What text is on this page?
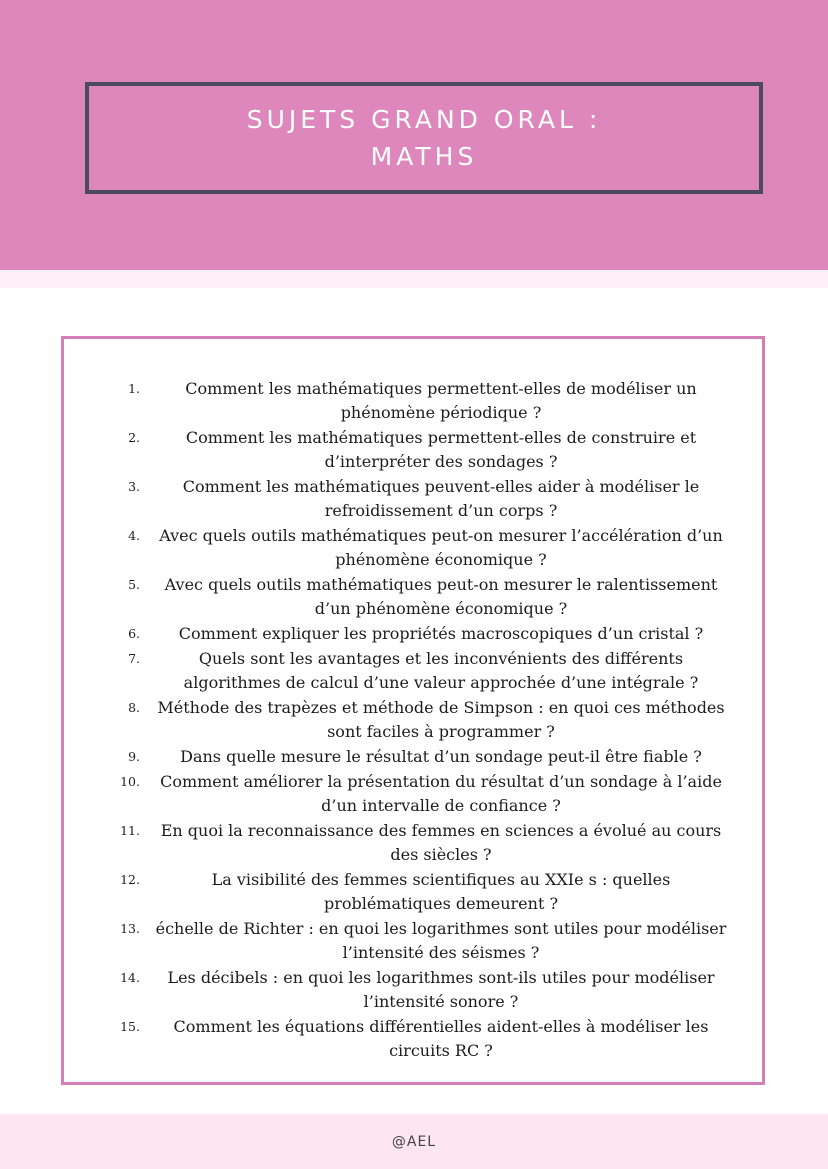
SUJETS GRAND ORAL :
MATHS
1.	Comment les mathématiques permettent-elles de modéliser un phénomène périodique ?
2.	Comment les mathématiques permettent-elles de construire et d’interpréter des sondages ?
3.	Comment les mathématiques peuvent-elles aider à modéliser le refroidissement d’un corps ?
4.	Avec quels outils mathématiques peut-on mesurer l’accélération d’un phénomène économique ?
5.	Avec quels outils mathématiques peut-on mesurer le ralentissement d’un phénomène économique ?
6.	Comment expliquer les propriétés macroscopiques d’un cristal ?
7.	Quels sont les avantages et les inconvénients des différents algorithmes de calcul d’une valeur approchée d’une intégrale ?
8.	Méthode des trapèzes et méthode de Simpson : en quoi ces méthodes sont faciles à programmer ?
9.	Dans quelle mesure le résultat d’un sondage peut-il être fiable ?
10.	Comment améliorer la présentation du résultat d’un sondage à l’aide d’un intervalle de confiance ?
11.	En quoi la reconnaissance des femmes en sciences a évolué au cours des siècles ?
12.	La visibilité des femmes scientifiques au XXIe s : quelles problématiques demeurent ?
13. échelle de Richter : en quoi les logarithmes sont utiles pour modéliser l’intensité des séismes ?
14.	Les décibels : en quoi les logarithmes sont-ils utiles pour modéliser l’intensité sonore ?
15.	Comment les équations différentielles aident-elles à modéliser les circuits RC ?
@AEL
